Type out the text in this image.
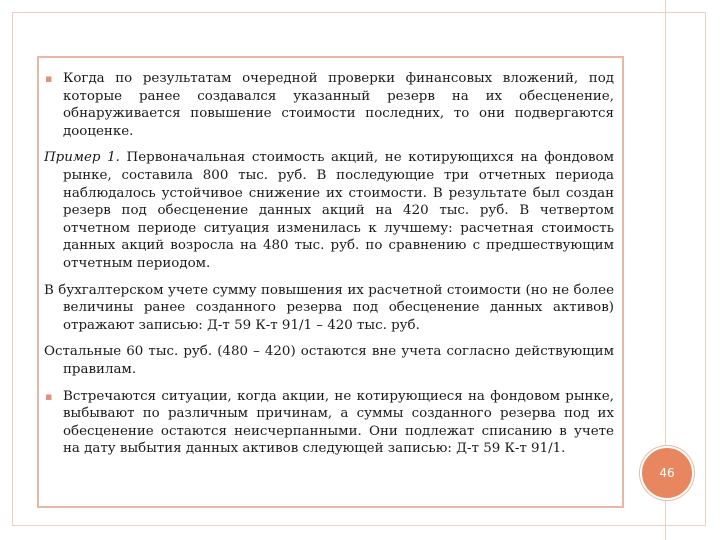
▪ Когда по результатам очередной проверки финансовых вложений, под которые ранее создавался указанный резерв на их обесценение, обнаруживается повышение стоимости последних, то они подвергаются дооценке.

Пример 1. Первоначальная стоимость акций, не котирующихся на фондовом рынке, составила 800 тыс. руб. В последующие три отчетных периода наблюдалось устойчивое снижение их стоимости. В результате был создан резерв под обесценение данных акций на 420 тыс. руб. В четвертом отчетном периоде ситуация изменилась к лучшему: расчетная стоимость данных акций возросла на 480 тыс. руб. по сравнению с предшествующим отчетным периодом.

В бухгалтерском учете сумму повышения их расчетной стоимости (но не более величины ранее созданного резерва под обесценение данных активов) отражают записью: Д-т 59 К-т 91/1 – 420 тыс. руб.

Остальные 60 тыс. руб. (480 – 420) остаются вне учета согласно действующим правилам.

▪ Встречаются ситуации, когда акции, не котирующиеся на фондовом рынке, выбывают по различным причинам, а суммы созданного резерва под их обесценение остаются неисчерпанными. Они подлежат списанию в учете на дату выбытия данных активов следующей записью: Д-т 59 К-т 91/1.

46
